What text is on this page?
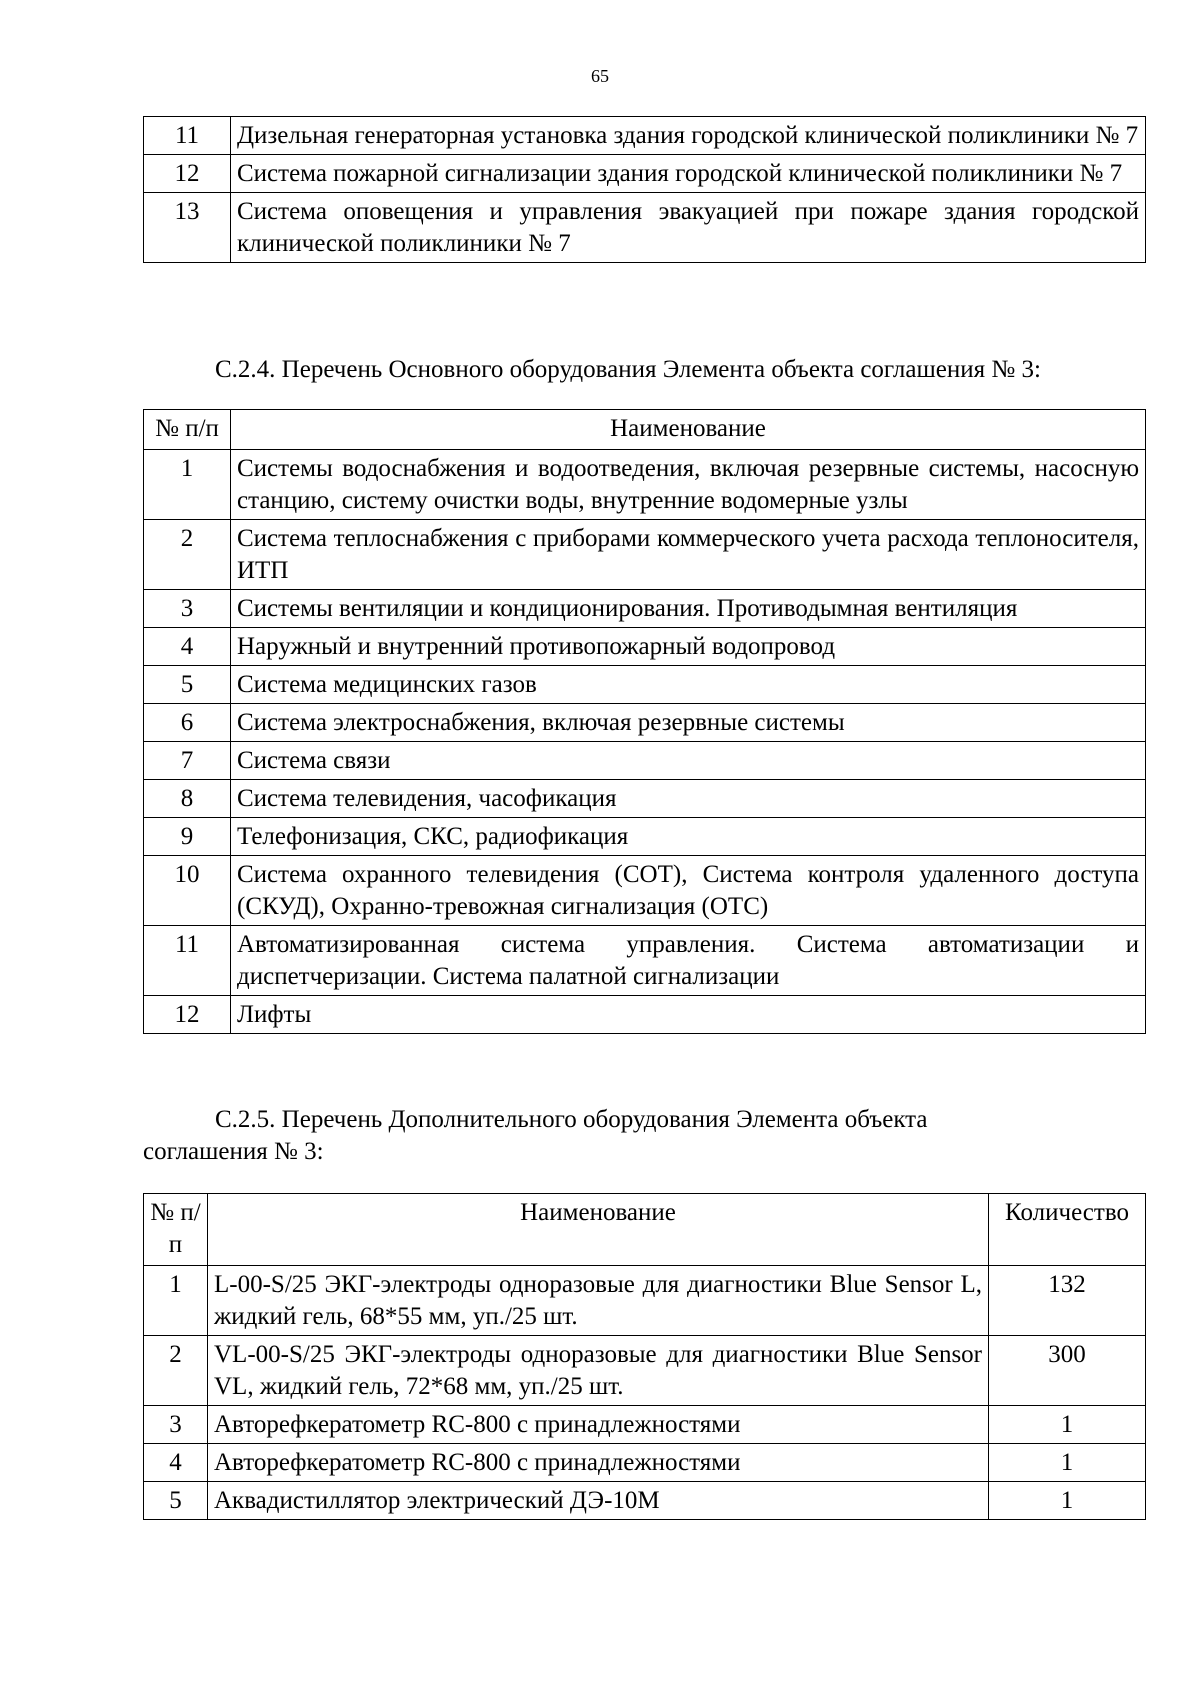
65
11	Дизельная генераторная установка здания городской клинической поликлиники № 7
12	Система пожарной сигнализации здания городской клинической поликлиники № 7
13	Система оповещения и управления эвакуацией при пожаре здания городской клинической поликлиники № 7
С.2.4. Перечень Основного оборудования Элемента объекта соглашения № 3:
№ п/п	Наименование
1	Системы водоснабжения и водоотведения, включая резервные системы, насосную станцию, систему очистки воды, внутренние водомерные узлы
2	Система теплоснабжения с приборами коммерческого учета расхода теплоносителя, ИТП
3	Системы вентиляции и кондиционирования. Противодымная вентиляция
4	Наружный и внутренний противопожарный водопровод
5	Система медицинских газов
6	Система электроснабжения, включая резервные системы
7	Система связи
8	Система телевидения, часофикация
9	Телефонизация, СКС, радиофикация
10	Система охранного телевидения (СОТ), Система контроля удаленного доступа (СКУД), Охранно-тревожная сигнализация (ОТС)
11	Автоматизированная система управления. Система автоматизации и диспетчеризации. Система палатной сигнализации
12	Лифты
С.2.5. Перечень Дополнительного оборудования Элемента объекта
соглашения № 3:
№ п/п	Наименование	Количество
1	L-00-S/25 ЭКГ-электроды одноразовые для диагностики Blue Sensor L, жидкий гель, 68*55 мм, уп./25 шт.	132
2	VL-00-S/25 ЭКГ-электроды одноразовые для диагностики Blue Sensor VL, жидкий гель, 72*68 мм, уп./25 шт.	300
3	Авторефкератометр RC-800 с принадлежностями	1
4	Авторефкератометр RC-800 с принадлежностями	1
5	Аквадистиллятор электрический ДЭ-10М	1
